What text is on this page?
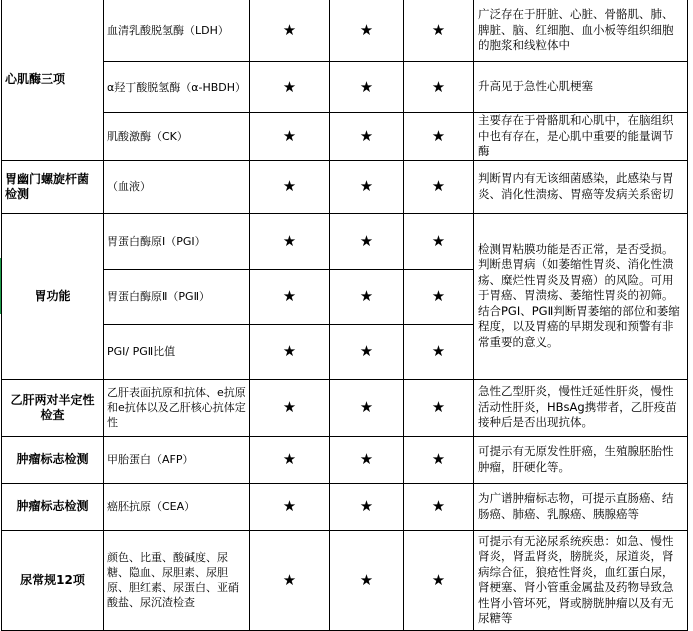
心肌酶三项	血清乳酸脱氢酶（LDH）	★	★	★	广泛存在于肝脏、心脏、骨骼肌、肺、脾脏、脑、红细胞、血小板等组织细胞的胞浆和线粒体中
	α羟丁酸脱氢酶（α-HBDH）	★	★	★	升高见于急性心肌梗塞
	肌酸激酶（CK）	★	★	★	主要存在于骨骼肌和心肌中，在脑组织中也有存在，是心肌中重要的能量调节酶
胃幽门螺旋杆菌检测	（血液）	★	★	★	判断胃内有无该细菌感染，此感染与胃炎、消化性溃疡、胃癌等发病关系密切
胃功能	胃蛋白酶原Ⅰ（PGⅠ）	★	★	★	检测胃粘膜功能是否正常，是否受损。判断患胃病（如萎缩性胃炎、消化性溃疡、糜烂性胃炎及胃癌）的风险。可用于胃癌、胃溃疡、萎缩性胃炎的初筛。结合PGⅠ、PGⅡ判断胃萎缩的部位和萎缩程度，以及胃癌的早期发现和预警有非常重要的意义。
	胃蛋白酶原Ⅱ（PGⅡ）	★	★	★	
	PGⅠ/ PGⅡ比值	★	★	★	
乙肝两对半定性检查	乙肝表面抗原和抗体、e抗原和e抗体以及乙肝核心抗体定性	★	★	★	急性乙型肝炎，慢性迁延性肝炎，慢性活动性肝炎，HBsAg携带者，乙肝疫苗接种后是否出现抗体。
肿瘤标志检测	甲胎蛋白（AFP）	★	★	★	可提示有无原发性肝癌，生殖腺胚胎性肿瘤，肝硬化等。
肿瘤标志检测	癌胚抗原（CEA）	★	★	★	为广谱肿瘤标志物，可提示直肠癌、结肠癌、肺癌、乳腺癌、胰腺癌等
尿常规12项	颜色、比重、酸碱度、尿糖、隐血、尿胆素、尿胆原、胆红素、尿蛋白、亚硝酸盐、尿沉渣检查	★	★	★	可提示有无泌尿系统疾患：如急、慢性肾炎，肾盂肾炎，膀胱炎，尿道炎，肾病综合征，狼疮性肾炎，血红蛋白尿，肾梗塞、肾小管重金属盐及药物导致急性肾小管坏死，肾或膀胱肿瘤以及有无尿糖等
